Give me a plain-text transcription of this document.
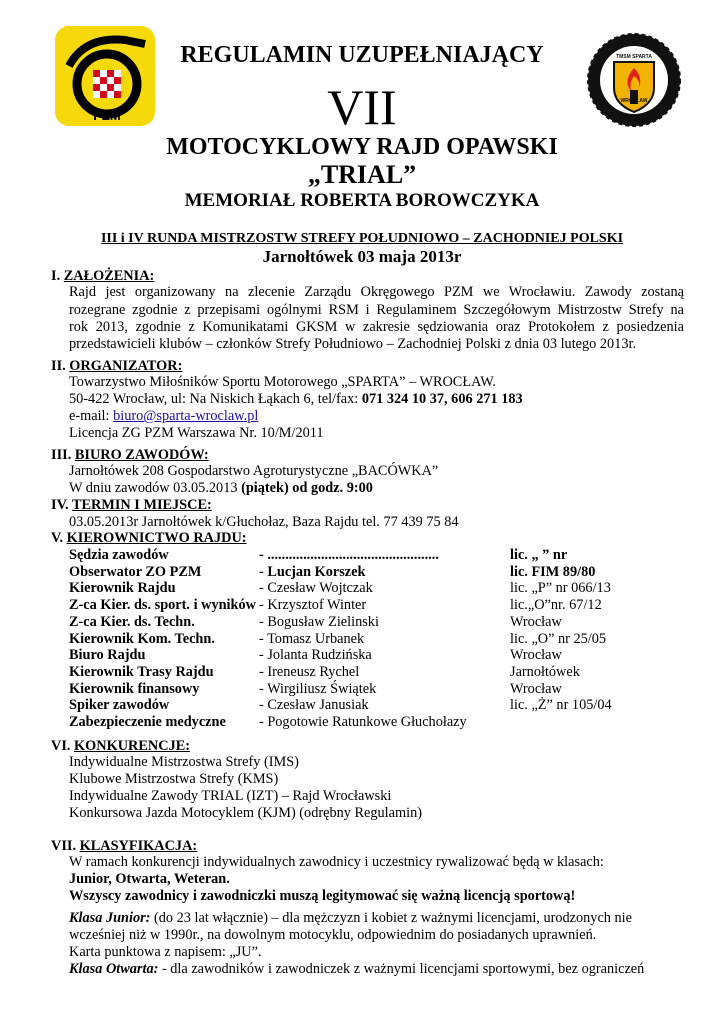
PZM
TMSM SPARTA
WROCŁAW
REGULAMIN UZUPEŁNIAJĄCY
VII
MOTOCYKLOWY RAJD OPAWSKI
„TRIAL”
MEMORIAŁ ROBERTA BOROWCZYKA
III i IV RUNDA MISTRZOSTW STREFY POŁUDNIOWO – ZACHODNIEJ POLSKI
Jarnołtówek 03 maja 2013r
I. ZAŁOŻENIA:
Rajd jest organizowany na zlecenie Zarządu Okręgowego PZM we Wrocławiu. Zawody zostaną
rozegrane zgodnie z przepisami ogólnymi RSM i Regulaminem Szczegółowym Mistrzostw Strefy na
rok 2013, zgodnie z Komunikatami GKSM w zakresie sędziowania oraz Protokołem z posiedzenia
przedstawicieli klubów – członków Strefy Południowo – Zachodniej Polski z dnia 03 lutego 2013r.
II. ORGANIZATOR:
Towarzystwo Miłośników Sportu Motorowego „SPARTA” – WROCŁAW.
50-422 Wrocław, ul: Na Niskich Łąkach 6, tel/fax: 071 324 10 37, 606 271 183
e-mail: biuro@sparta-wroclaw.pl
Licencja ZG PZM Warszawa Nr. 10/M/2011
III. BIURO ZAWODÓW:
Jarnołtówek 208 Gospodarstwo Agroturystyczne „BACÓWKA”
W dniu zawodów 03.05.2013 (piątek) od godz. 9:00
IV. TERMIN I MIEJSCE:
03.05.2013r Jarnołtówek k/Głuchołaz, Baza Rajdu tel. 77 439 75 84
V. KIEROWNICTWO RAJDU:
Sędzia zawodów	- ................................................	lic. „ ” nr
Obserwator ZO PZM	- Lucjan Korszek	lic. FIM 89/80
Kierownik Rajdu	- Czesław Wojtczak	lic. „P” nr 066/13
Z-ca Kier. ds. sport. i wyników - Krzysztof Winter	lic.„O”nr. 67/12
Z-ca Kier. ds. Techn.	- Bogusław Zielinski	Wrocław
Kierownik Kom. Techn.	- Tomasz Urbanek	lic. „O” nr 25/05
Biuro Rajdu	- Jolanta Rudzińska	Wrocław
Kierownik Trasy Rajdu	- Ireneusz Rychel	Jarnołtówek
Kierownik finansowy	- Wirgiliusz Świątek	Wrocław
Spiker zawodów	- Czesław Janusiak	lic. „Ż” nr 105/04
Zabezpieczenie medyczne - Pogotowie Ratunkowe Głuchołazy
VI. KONKURENCJE:
Indywidualne Mistrzostwa Strefy (IMS)
Klubowe Mistrzostwa Strefy (KMS)
Indywidualne Zawody TRIAL (IZT) – Rajd Wrocławski
Konkursowa Jazda Motocyklem (KJM) (odrębny Regulamin)
VII. KLASYFIKACJA:
W ramach konkurencji indywidualnych zawodnicy i uczestnicy rywalizować będą w klasach:
Junior, Otwarta, Weteran.
Wszyscy zawodnicy i zawodniczki muszą legitymować się ważną licencją sportową!
Klasa Junior: (do 23 lat włącznie) – dla mężczyzn i kobiet z ważnymi licencjami, urodzonych nie
wcześniej niż w 1990r., na dowolnym motocyklu, odpowiednim do posiadanych uprawnień.
Karta punktowa z napisem: „JU”.
Klasa Otwarta: - dla zawodników i zawodniczek z ważnymi licencjami sportowymi, bez ograniczeń
